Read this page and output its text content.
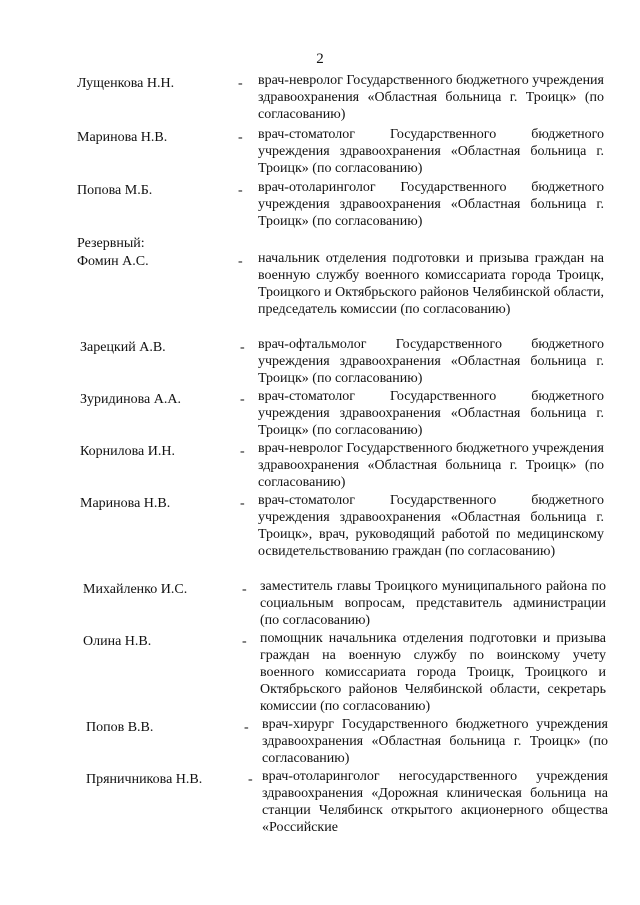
2
Лущенкова Н.Н.	- врач-невролог Государственного бюджетного учреждения здравоохранения «Областная больница г. Троицк» (по согласованию)
Маринова Н.В.	- врач-стоматолог Государственного бюджетного учреждения здравоохранения «Областная больница г. Троицк» (по согласованию)
Попова М.Б.	- врач-отоларинголог Государственного бюджетного учреждения здравоохранения «Областная больница г. Троицк» (по согласованию)
Резервный:
Фомин А.С.	- начальник отделения подготовки и призыва граждан на военную службу военного комиссариата города Троицк, Троицкого и Октябрьского районов Челябинской области, председатель комиссии (по согласованию)
Зарецкий А.В.	- врач-офтальмолог Государственного бюджетного учреждения здравоохранения «Областная больница г. Троицк» (по согласованию)
Зуридинова А.А.	- врач-стоматолог Государственного бюджетного учреждения здравоохранения «Областная больница г. Троицк» (по согласованию)
Корнилова И.Н.	- врач-невролог Государственного бюджетного учреждения здравоохранения «Областная больница г. Троицк» (по согласованию)
Маринова Н.В.	- врач-стоматолог Государственного бюджетного учреждения здравоохранения «Областная больница г. Троицк», врач, руководящий работой по медицинскому освидетельствованию граждан (по согласованию)
Михайленко И.С.	- заместитель главы Троицкого муниципального района по социальным вопросам, представитель администрации (по согласованию)
Олина Н.В.	- помощник начальника отделения подготовки и призыва граждан на военную службу по воинскому учету военного комиссариата города Троицк, Троицкого и Октябрьского районов Челябинской области, секретарь комиссии (по согласованию)
Попов В.В.	- врач-хирург Государственного бюджетного учреждения здравоохранения «Областная больница г. Троицк» (по согласованию)
Пряничникова Н.В.	- врач-отоларинголог негосударственного учреждения здравоохранения «Дорожная клиническая больница на станции Челябинск открытого акционерного общества «Российские
